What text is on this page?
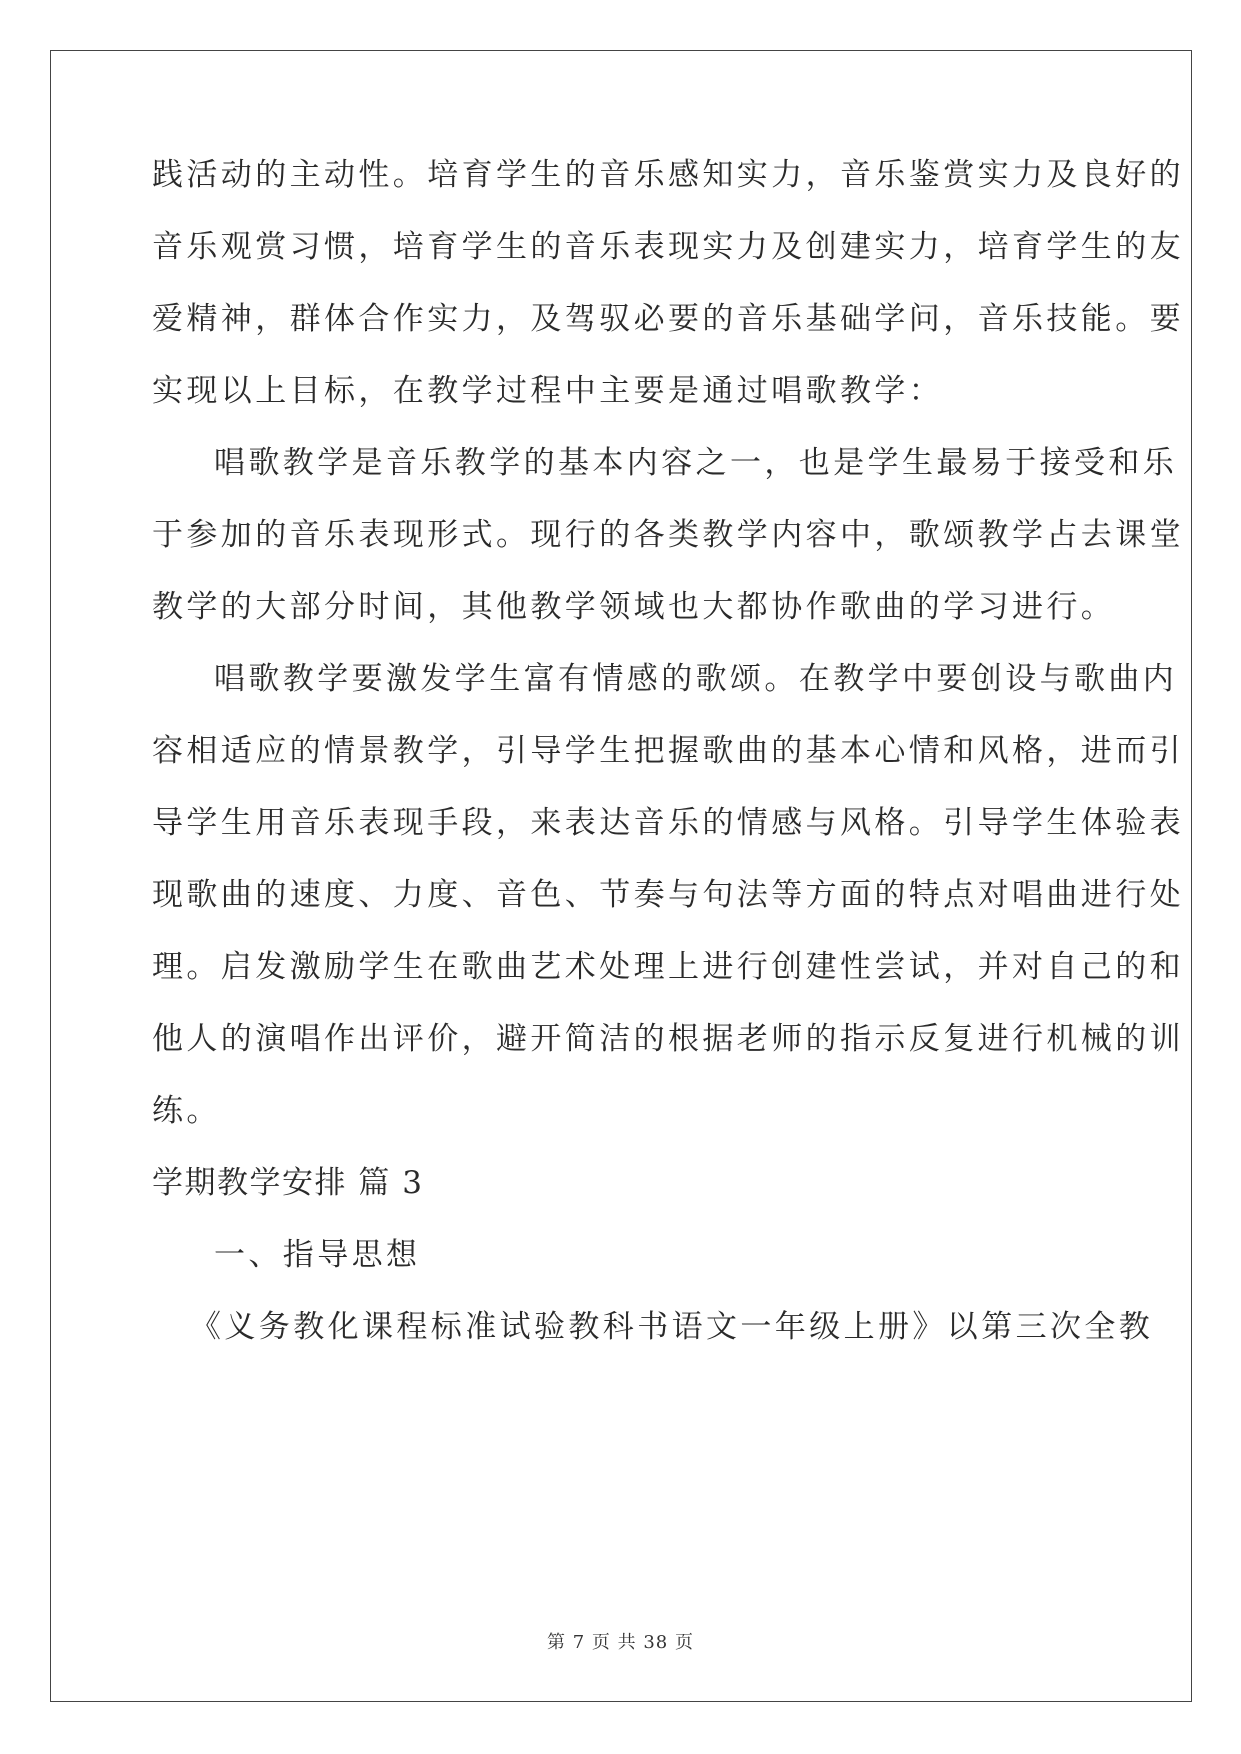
践活动的主动性。培育学生的音乐感知实力，音乐鉴赏实力及良好的
音乐观赏习惯，培育学生的音乐表现实力及创建实力，培育学生的友
爱精神，群体合作实力，及驾驭必要的音乐基础学问，音乐技能。要
实现以上目标，在教学过程中主要是通过唱歌教学：
唱歌教学是音乐教学的基本内容之一，也是学生最易于接受和乐
于参加的音乐表现形式。现行的各类教学内容中，歌颂教学占去课堂
教学的大部分时间，其他教学领域也大都协作歌曲的学习进行。
唱歌教学要激发学生富有情感的歌颂。在教学中要创设与歌曲内
容相适应的情景教学，引导学生把握歌曲的基本心情和风格，进而引
导学生用音乐表现手段，来表达音乐的情感与风格。引导学生体验表
现歌曲的速度、力度、音色、节奏与句法等方面的特点对唱曲进行处
理。启发激励学生在歌曲艺术处理上进行创建性尝试，并对自己的和
他人的演唱作出评价，避开简洁的根据老师的指示反复进行机械的训
练。
学期教学安排 篇 3
一、指导思想
《义务教化课程标准试验教科书语文一年级上册》以第三次全教
第 7 页 共 38 页
